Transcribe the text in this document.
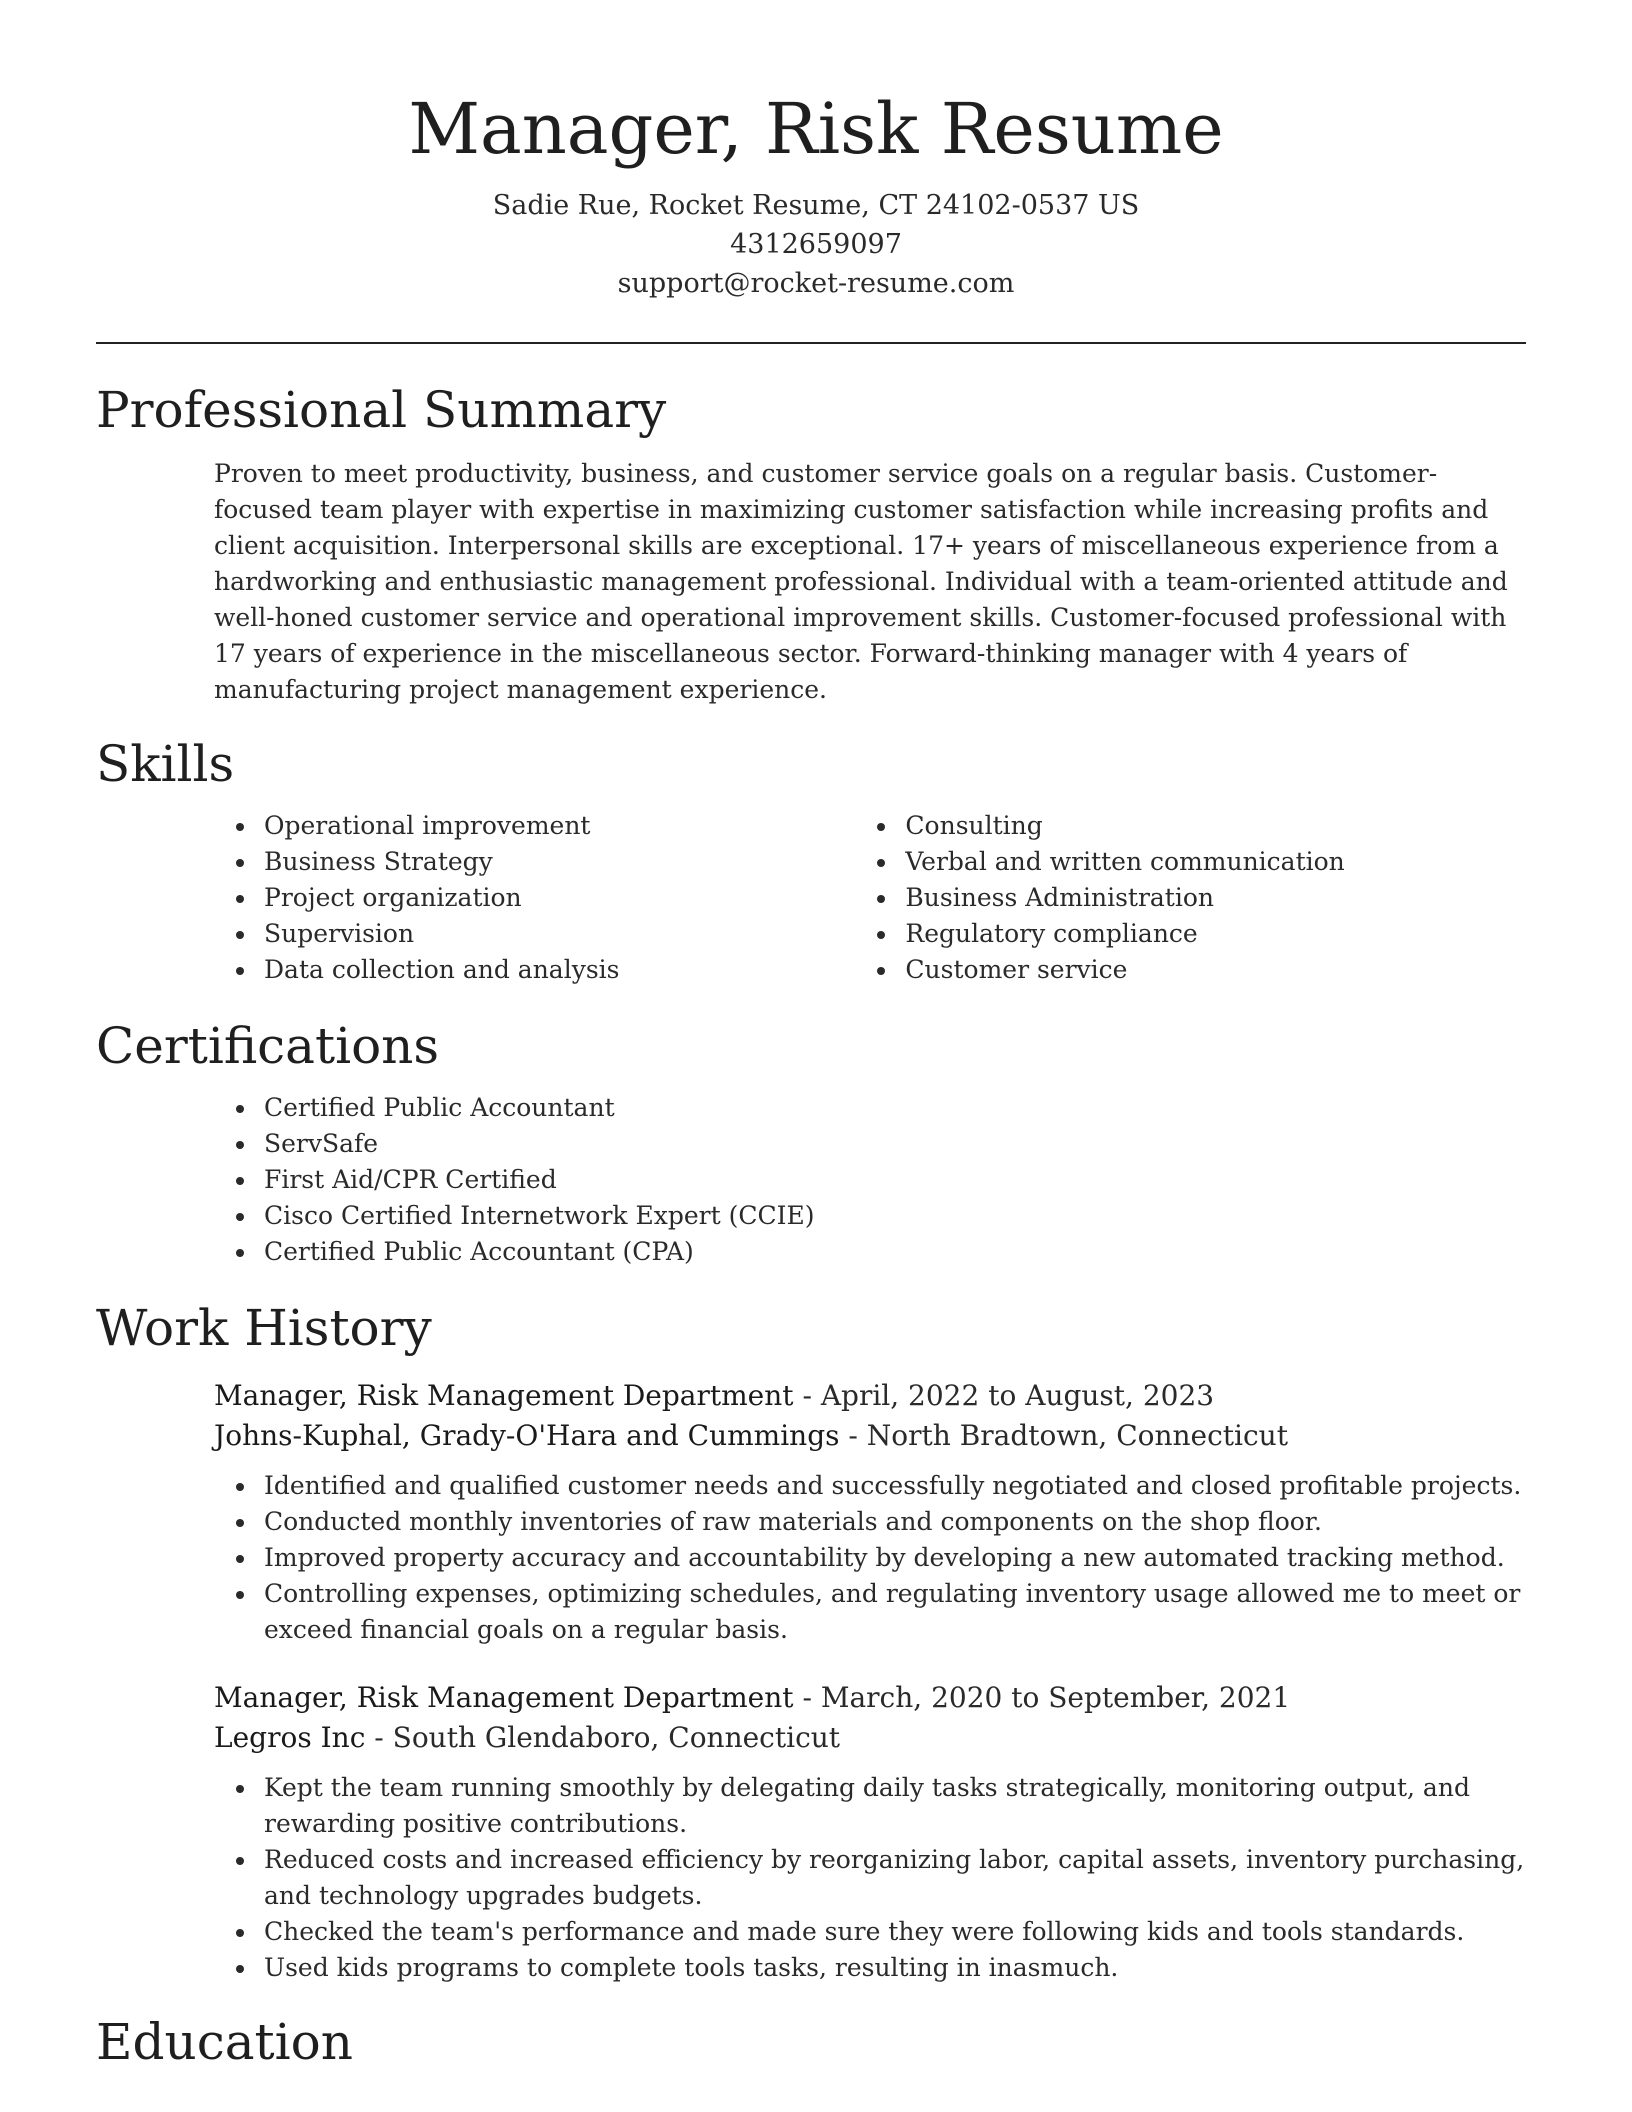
Manager, Risk Resume
Sadie Rue, Rocket Resume, CT 24102-0537 US
4312659097
support@rocket-resume.com
Professional Summary

Proven to meet productivity, business, and customer service goals on a regular basis. Customer-focused team player with expertise in maximizing customer satisfaction while increasing profits and client acquisition. Interpersonal skills are exceptional. 17+ years of miscellaneous experience from a hardworking and enthusiastic management professional. Individual with a team-oriented attitude and well-honed customer service and operational improvement skills. Customer-focused professional with 17 years of experience in the miscellaneous sector. Forward-thinking manager with 4 years of manufacturing project management experience.

Skills
• Operational improvement
• Business Strategy
• Project organization
• Supervision
• Data collection and analysis
• Consulting
• Verbal and written communication
• Business Administration
• Regulatory compliance
• Customer service
Certifications
• Certified Public Accountant
• ServSafe
• First Aid/CPR Certified
• Cisco Certified Internetwork Expert (CCIE)
• Certified Public Accountant (CPA)
Work History
Manager, Risk Management Department - April, 2022 to August, 2023
Johns-Kuphal, Grady-O'Hara and Cummings - North Bradtown, Connecticut
• Identified and qualified customer needs and successfully negotiated and closed profitable projects.
• Conducted monthly inventories of raw materials and components on the shop floor.
• Improved property accuracy and accountability by developing a new automated tracking method.
• Controlling expenses, optimizing schedules, and regulating inventory usage allowed me to meet or exceed financial goals on a regular basis.
Manager, Risk Management Department - March, 2020 to September, 2021
Legros Inc - South Glendaboro, Connecticut
• Kept the team running smoothly by delegating daily tasks strategically, monitoring output, and rewarding positive contributions.
• Reduced costs and increased efficiency by reorganizing labor, capital assets, inventory purchasing, and technology upgrades budgets.
• Checked the team's performance and made sure they were following kids and tools standards.
• Used kids programs to complete tools tasks, resulting in inasmuch.
Education
